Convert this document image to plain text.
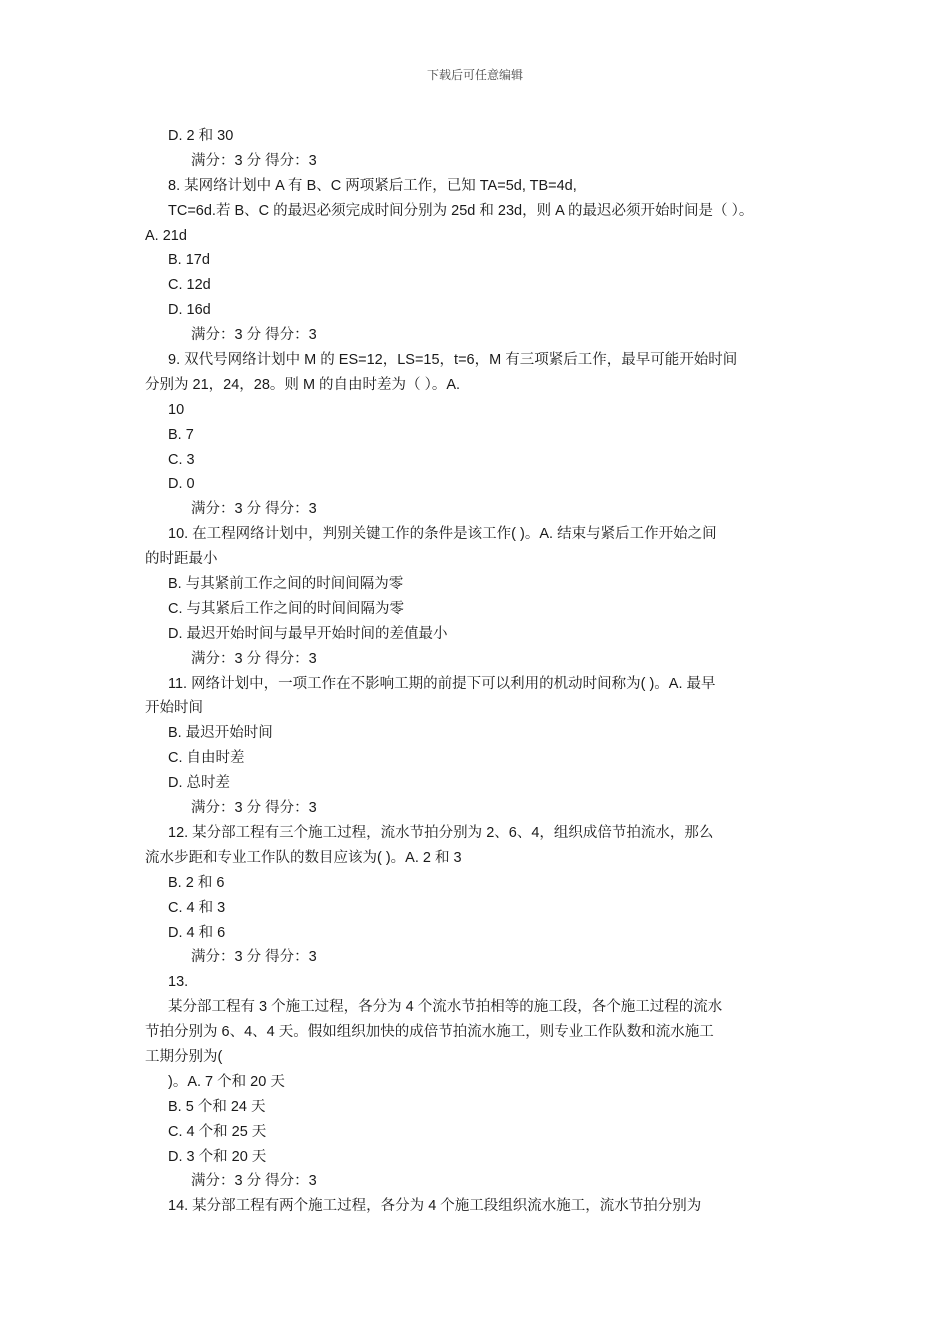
下载后可任意编辑
D. 2 和 30
满分：3 分 得分：3
8. 某网络计划中 A 有 B、C 两项紧后工作，已知 TA=5d, TB=4d,
TC=6d.若 B、C 的最迟必须完成时间分别为 25d 和 23d，则 A 的最迟必须开始时间是（ ）。
A. 21d
B. 17d
C. 12d
D. 16d
满分：3 分 得分：3
9. 双代号网络计划中 M 的 ES=12，LS=15，t=6，M 有三项紧后工作，最早可能开始时间
分别为 21，24，28。则 M 的自由时差为（ ）。A.
10
B. 7
C. 3
D. 0
满分：3 分 得分：3
10. 在工程网络计划中，判别关键工作的条件是该工作( )。A. 结束与紧后工作开始之间
的时距最小
B. 与其紧前工作之间的时间间隔为零
C. 与其紧后工作之间的时间间隔为零
D. 最迟开始时间与最早开始时间的差值最小
满分：3 分 得分：3
11. 网络计划中，一项工作在不影响工期的前提下可以利用的机动时间称为( )。A. 最早
开始时间
B. 最迟开始时间
C. 自由时差
D. 总时差
满分：3 分 得分：3
12. 某分部工程有三个施工过程，流水节拍分别为 2、6、4，组织成倍节拍流水，那么
流水步距和专业工作队的数目应该为( )。A. 2 和 3
B. 2 和 6
C. 4 和 3
D. 4 和 6
满分：3 分 得分：3
13.
某分部工程有 3 个施工过程，各分为 4 个流水节拍相等的施工段，各个施工过程的流水
节拍分别为 6、4、4 天。假如组织加快的成倍节拍流水施工，则专业工作队数和流水施工
工期分别为(
)。A. 7 个和 20 天
B. 5 个和 24 天
C. 4 个和 25 天
D. 3 个和 20 天
满分：3 分 得分：3
14. 某分部工程有两个施工过程，各分为 4 个施工段组织流水施工，流水节拍分别为
